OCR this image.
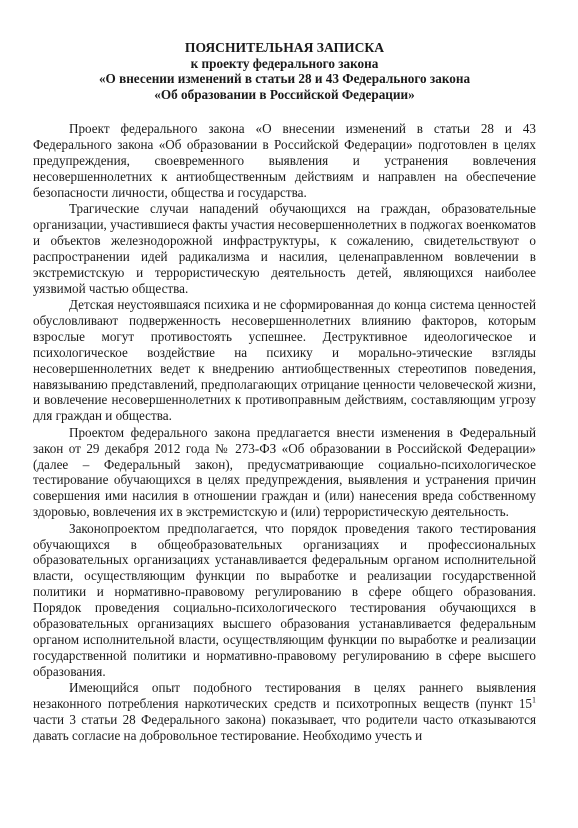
ПОЯСНИТЕЛЬНАЯ ЗАПИСКА
к проекту федерального закона
«О внесении изменений в статьи 28 и 43 Федерального закона
«Об образовании в Российской Федерации»

Проект федерального закона «О внесении изменений в статьи 28 и 43 Федерального закона «Об образовании в Российской Федерации» подготовлен в целях предупреждения, своевременного выявления и устранения вовлечения несовершеннолетних к антиобщественным действиям и направлен на обеспечение безопасности личности, общества и государства.

Трагические случаи нападений обучающихся на граждан, образовательные организации, участившиеся факты участия несовершеннолетних в поджогах военкоматов и объектов железнодорожной инфраструктуры, к сожалению, свидетельствуют о распространении идей радикализма и насилия, целенаправленном вовлечении в экстремистскую и террористическую деятельность детей, являющихся наиболее уязвимой частью общества.

Детская неустоявшаяся психика и не сформированная до конца система ценностей обусловливают подверженность несовершеннолетних влиянию факторов, которым взрослые могут противостоять успешнее. Деструктивное идеологическое и психологическое воздействие на психику и морально-этические взгляды несовершеннолетних ведет к внедрению антиобщественных стереотипов поведения, навязыванию представлений, предполагающих отрицание ценности человеческой жизни, и вовлечение несовершеннолетних к противоправным действиям, составляющим угрозу для граждан и общества.

Проектом федерального закона предлагается внести изменения в Федеральный закон от 29 декабря 2012 года № 273-ФЗ «Об образовании в Российской Федерации» (далее – Федеральный закон), предусматривающие социально-психологическое тестирование обучающихся в целях предупреждения, выявления и устранения причин совершения ими насилия в отношении граждан и (или) нанесения вреда собственному здоровью, вовлечения их в экстремистскую и (или) террористическую деятельность.

Законопроектом предполагается, что порядок проведения такого тестирования обучающихся в общеобразовательных организациях и профессиональных образовательных организациях устанавливается федеральным органом исполнительной власти, осуществляющим функции по выработке и реализации государственной политики и нормативно-правовому регулированию в сфере общего образования. Порядок проведения социально-психологического тестирования обучающихся в образовательных организациях высшего образования устанавливается федеральным органом исполнительной власти, осуществляющим функции по выработке и реализации государственной политики и нормативно-правовому регулированию в сфере высшего образования.

Имеющийся опыт подобного тестирования в целях раннего выявления незаконного потребления наркотических средств и психотропных веществ (пункт $15^1$ части 3 статьи 28 Федерального закона) показывает, что родители часто отказываются давать согласие на добровольное тестирование. Необходимо учесть и
